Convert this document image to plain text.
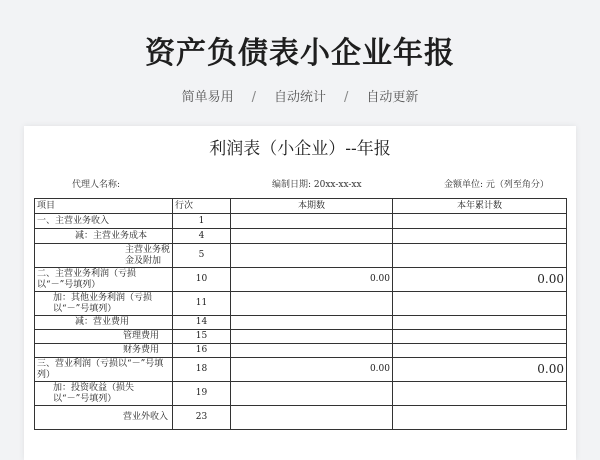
资产负债表小企业年报
简单易用 / 自动统计 / 自动更新
利润表（小企业）--年报
代理人名称:	编制日期: 20xx-xx-xx	金额单位: 元（列至角分）
项目	行次	本期数	本年累计数
一、主营业务收入	1		
减：主营业务成本	4		

主营业务税金及附加	5		
二、主营业务利润（亏损以“－”号填列）	10	0.00	0.00
加：其他业务利润（亏损以“－”号填列）	11		
减：营业费用	14		
管理费用	15		
财务费用	16		
三、营业利润（亏损以“－”号填列）	18	0.00	0.00
加：投资收益（损失以“－”号填列）	19		
营业外收入	23		
